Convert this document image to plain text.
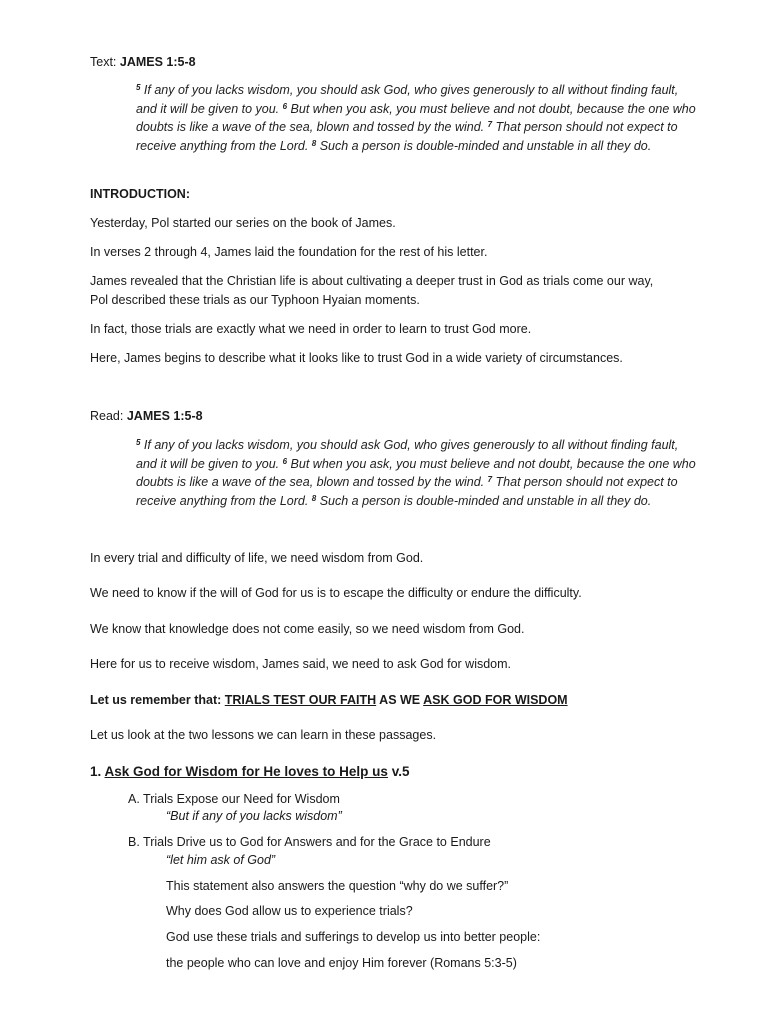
Text: JAMES 1:5-8
$^5$ If any of you lacks wisdom, you should ask God, who gives generously to all without finding fault, and it will be given to you. $^6$ But when you ask, you must believe and not doubt, because the one who doubts is like a wave of the sea, blown and tossed by the wind. $^7$ That person should not expect to receive anything from the Lord. $^8$ Such a person is double-minded and unstable in all they do.
INTRODUCTION:
Yesterday, Pol started our series on the book of James.
In verses 2 through 4, James laid the foundation for the rest of his letter.
James revealed that the Christian life is about cultivating a deeper trust in God as trials come our way,
Pol described these trials as our Typhoon Hyaian moments.
In fact, those trials are exactly what we need in order to learn to trust God more.
Here, James begins to describe what it looks like to trust God in a wide variety of circumstances.
Read: JAMES 1:5-8
$^5$ If any of you lacks wisdom, you should ask God, who gives generously to all without finding fault, and it will be given to you. $^6$ But when you ask, you must believe and not doubt, because the one who doubts is like a wave of the sea, blown and tossed by the wind. $^7$ That person should not expect to receive anything from the Lord. $^8$ Such a person is double-minded and unstable in all they do.
In every trial and difficulty of life, we need wisdom from God.
We need to know if the will of God for us is to escape the difficulty or endure the difficulty.
We know that knowledge does not come easily, so we need wisdom from God.
Here for us to receive wisdom, James said, we need to ask God for wisdom.
Let us remember that: TRIALS TEST OUR FAITH AS WE ASK GOD FOR WISDOM
Let us look at the two lessons we can learn in these passages.
1. Ask God for Wisdom for He loves to Help us v.5
A. Trials Expose our Need for Wisdom
“But if any of you lacks wisdom”
B. Trials Drive us to God for Answers and for the Grace to Endure
“let him ask of God”
This statement also answers the question “why do we suffer?”
Why does God allow us to experience trials?
God use these trials and sufferings to develop us into better people:
the people who can love and enjoy Him forever (Romans 5:3-5)
